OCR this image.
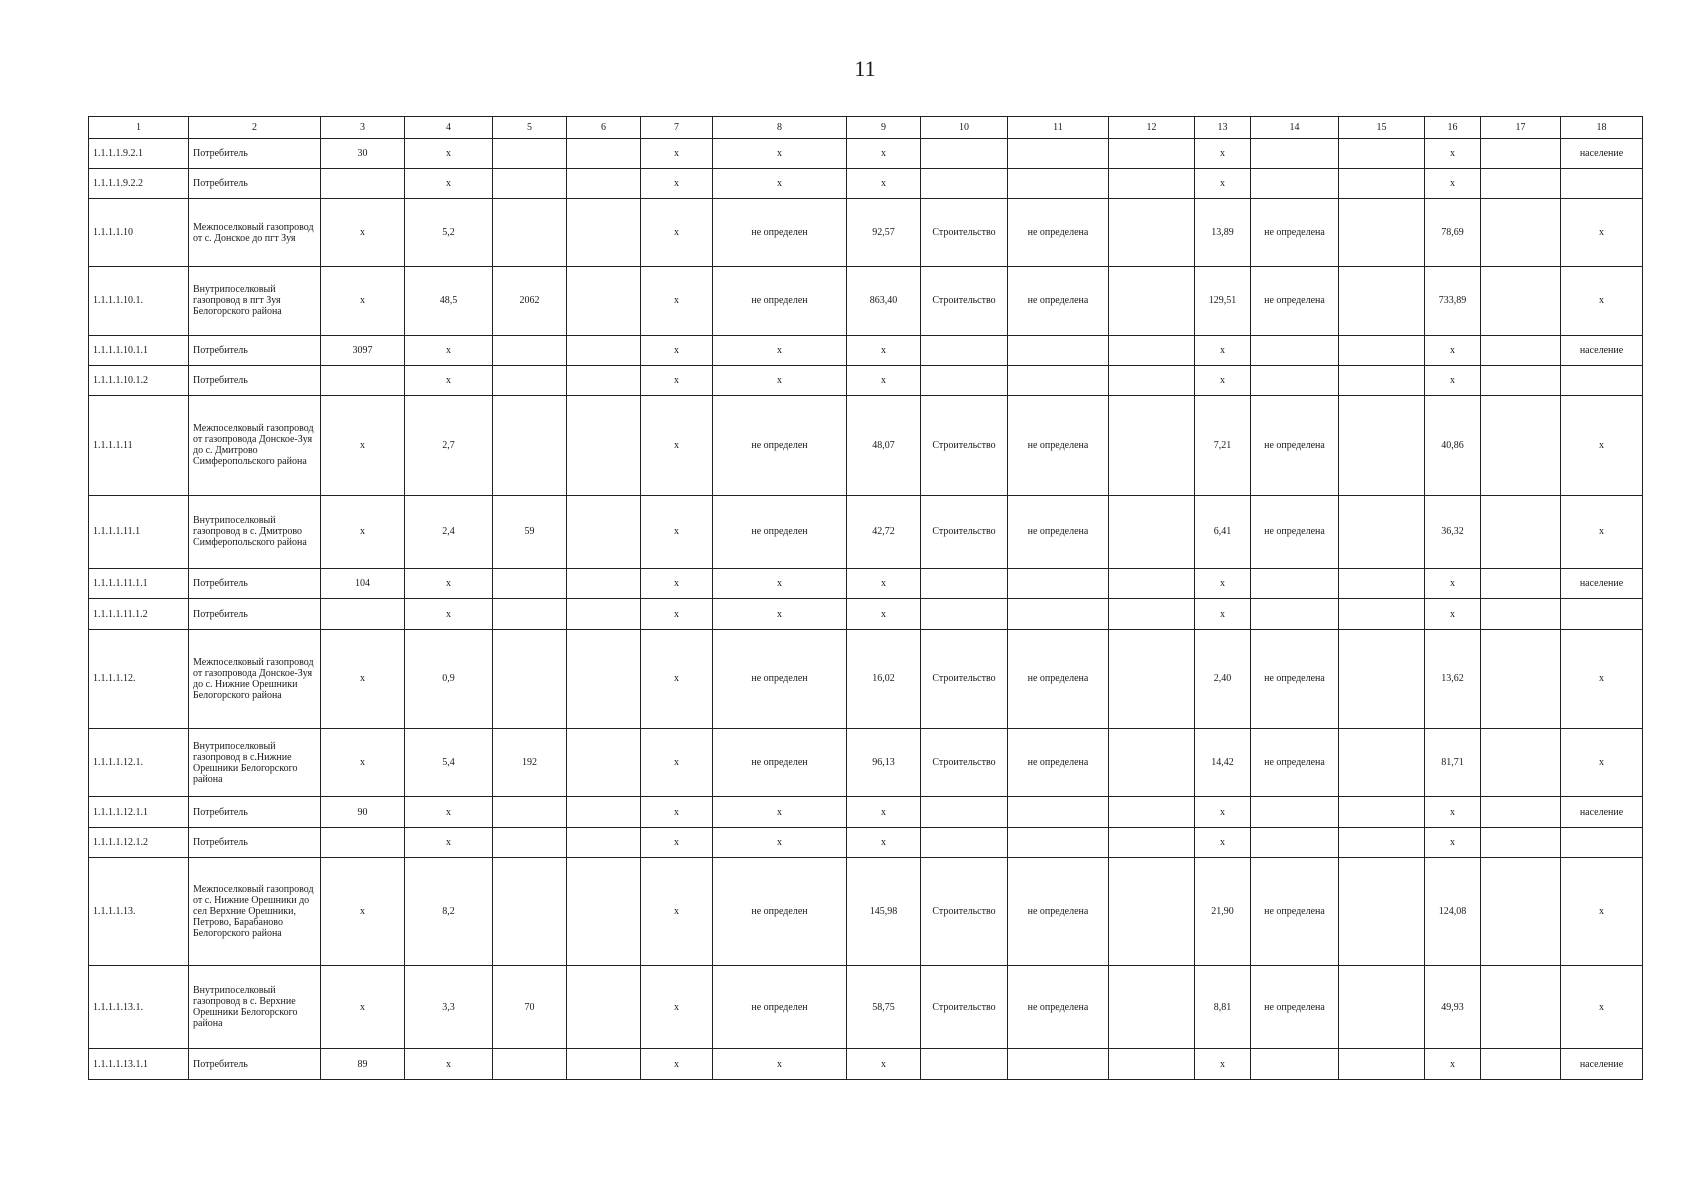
11
1	2	3	4	5	6	7	8	9	10	11	12	13	14	15	16	17	18
1.1.1.1.9.2.1	Потребитель	30	x			x	x	x				x			x		население
1.1.1.1.9.2.2	Потребитель		x			x	x	x				x			x		
1.1.1.1.10	Межпоселковый газопровод от с. Донское до пгт Зуя	x	5,2			x	не определен	92,57	Строительство	не определена		13,89	не определена		78,69		x
1.1.1.1.10.1.	Внутрипоселковый газопровод в пгт Зуя Белогорского района	x	48,5	2062		x	не определен	863,40	Строительство	не определена		129,51	не определена		733,89		x
1.1.1.1.10.1.1	Потребитель	3097	x			x	x	x				x			x		население
1.1.1.1.10.1.2	Потребитель		x			x	x	x				x			x		
1.1.1.1.11	Межпоселковый газопровод от газопровода Донское-Зуя до с. Дмитрово Симферопольского района	x	2,7			x	не определен	48,07	Строительство	не определена		7,21	не определена		40,86		x
1.1.1.1.11.1	Внутрипоселковый газопровод в с. Дмитрово Симферопольского района	x	2,4	59		x	не определен	42,72	Строительство	не определена		6,41	не определена		36,32		x
1.1.1.1.11.1.1	Потребитель	104	x			x	x	x				x			x		население
1.1.1.1.11.1.2	Потребитель		x			x	x	x				x			x		
1.1.1.1.12.	Межпоселковый газопровод от газопровода Донское-Зуя до с. Нижние Орешники Белогорского района	x	0,9			x	не определен	16,02	Строительство	не определена		2,40	не определена		13,62		x
1.1.1.1.12.1.	Внутрипоселковый газопровод в с.Нижние Орешники Белогорского района	x	5,4	192		x	не определен	96,13	Строительство	не определена		14,42	не определена		81,71		x
1.1.1.1.12.1.1	Потребитель	90	x			x	x	x				x			x		население
1.1.1.1.12.1.2	Потребитель		x			x	x	x				x			x		
1.1.1.1.13.	Межпоселковый газопровод от с. Нижние Орешники до сел Верхние Орешники, Петрово, Барабаново Белогорского района	x	8,2			x	не определен	145,98	Строительство	не определена		21,90	не определена		124,08		x
1.1.1.1.13.1.	Внутрипоселковый газопровод в с. Верхние Орешники Белогорского района	x	3,3	70		x	не определен	58,75	Строительство	не определена		8,81	не определена		49,93		x
1.1.1.1.13.1.1	Потребитель	89	x			x	x	x				x			x		население
